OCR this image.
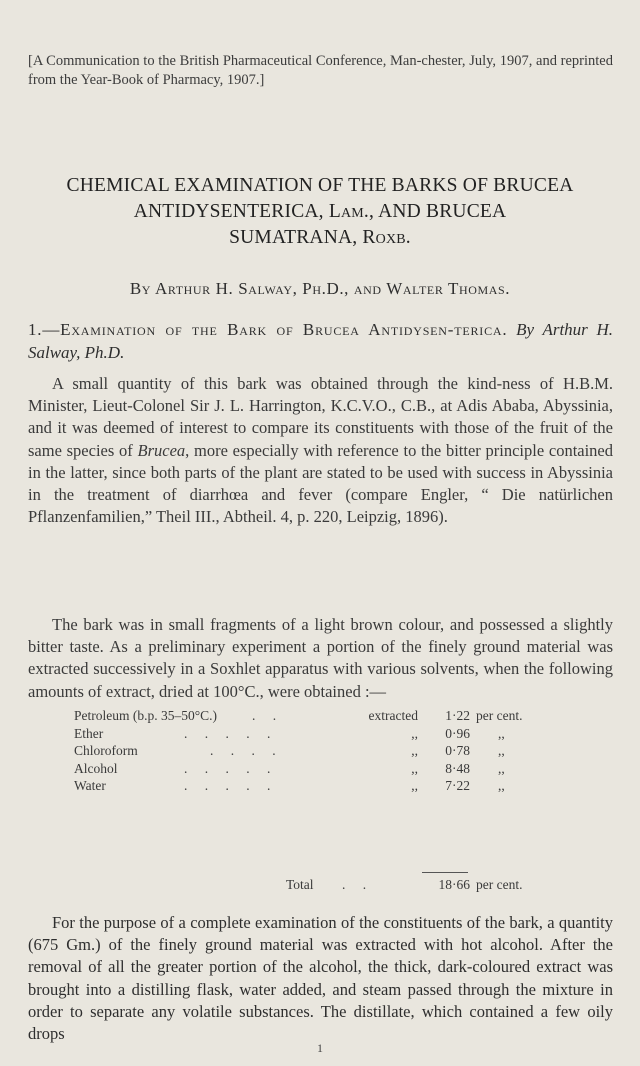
[A Communication to the British Pharmaceutical Conference, Man-chester, July, 1907, and reprinted from the Year-Book of Pharmacy, 1907.]
CHEMICAL EXAMINATION OF THE BARKS OF BRUCEA
ANTIDYSENTERICA, Lam., AND BRUCEA
SUMATRANA, Roxb.
By Arthur H. Salway, Ph.D., and Walter Thomas.
1.—Examination of the Bark of Brucea Antidysen-terica. By Arthur H. Salway, Ph.D.
A small quantity of this bark was obtained through the kind-ness of H.B.M. Minister, Lieut-Colonel Sir J. L. Harrington, K.C.V.O., C.B., at Adis Ababa, Abyssinia, and it was deemed of interest to compare its constituents with those of the fruit of the same species of Brucea, more especially with reference to the bitter principle contained in the latter, since both parts of the plant are stated to be used with success in Abyssinia in the treatment of diarrhœa and fever (compare Engler, “ Die natürlichen Pflanzenfamilien,” Theil III., Abtheil. 4, p. 220, Leipzig, 1896).
The bark was in small fragments of a light brown colour, and possessed a slightly bitter taste. As a preliminary experiment a portion of the finely ground material was extracted successively in a Soxhlet apparatus with various solvents, when the following amounts of extract, dried at 100°C., were obtained :—
Petroleum (b.p. 35–50°C.)	. .	extracted	1·22 per cent.
Ether	. . . . .	,,	0·96 ,,
Chloroform	. . . .	,,	0·78 ,,
Alcohol	. . . . .	,,	8·48 ,,
Water	. . . . .	,,	7·22 ,,
Total . .	18·66 per cent.
For the purpose of a complete examination of the constituents of the bark, a quantity (675 Gm.) of the finely ground material was extracted with hot alcohol. After the removal of all the greater portion of the alcohol, the thick, dark-coloured extract was brought into a distilling flask, water added, and steam passed through the mixture in order to separate any volatile substances. The distillate, which contained a few oily drops
1
